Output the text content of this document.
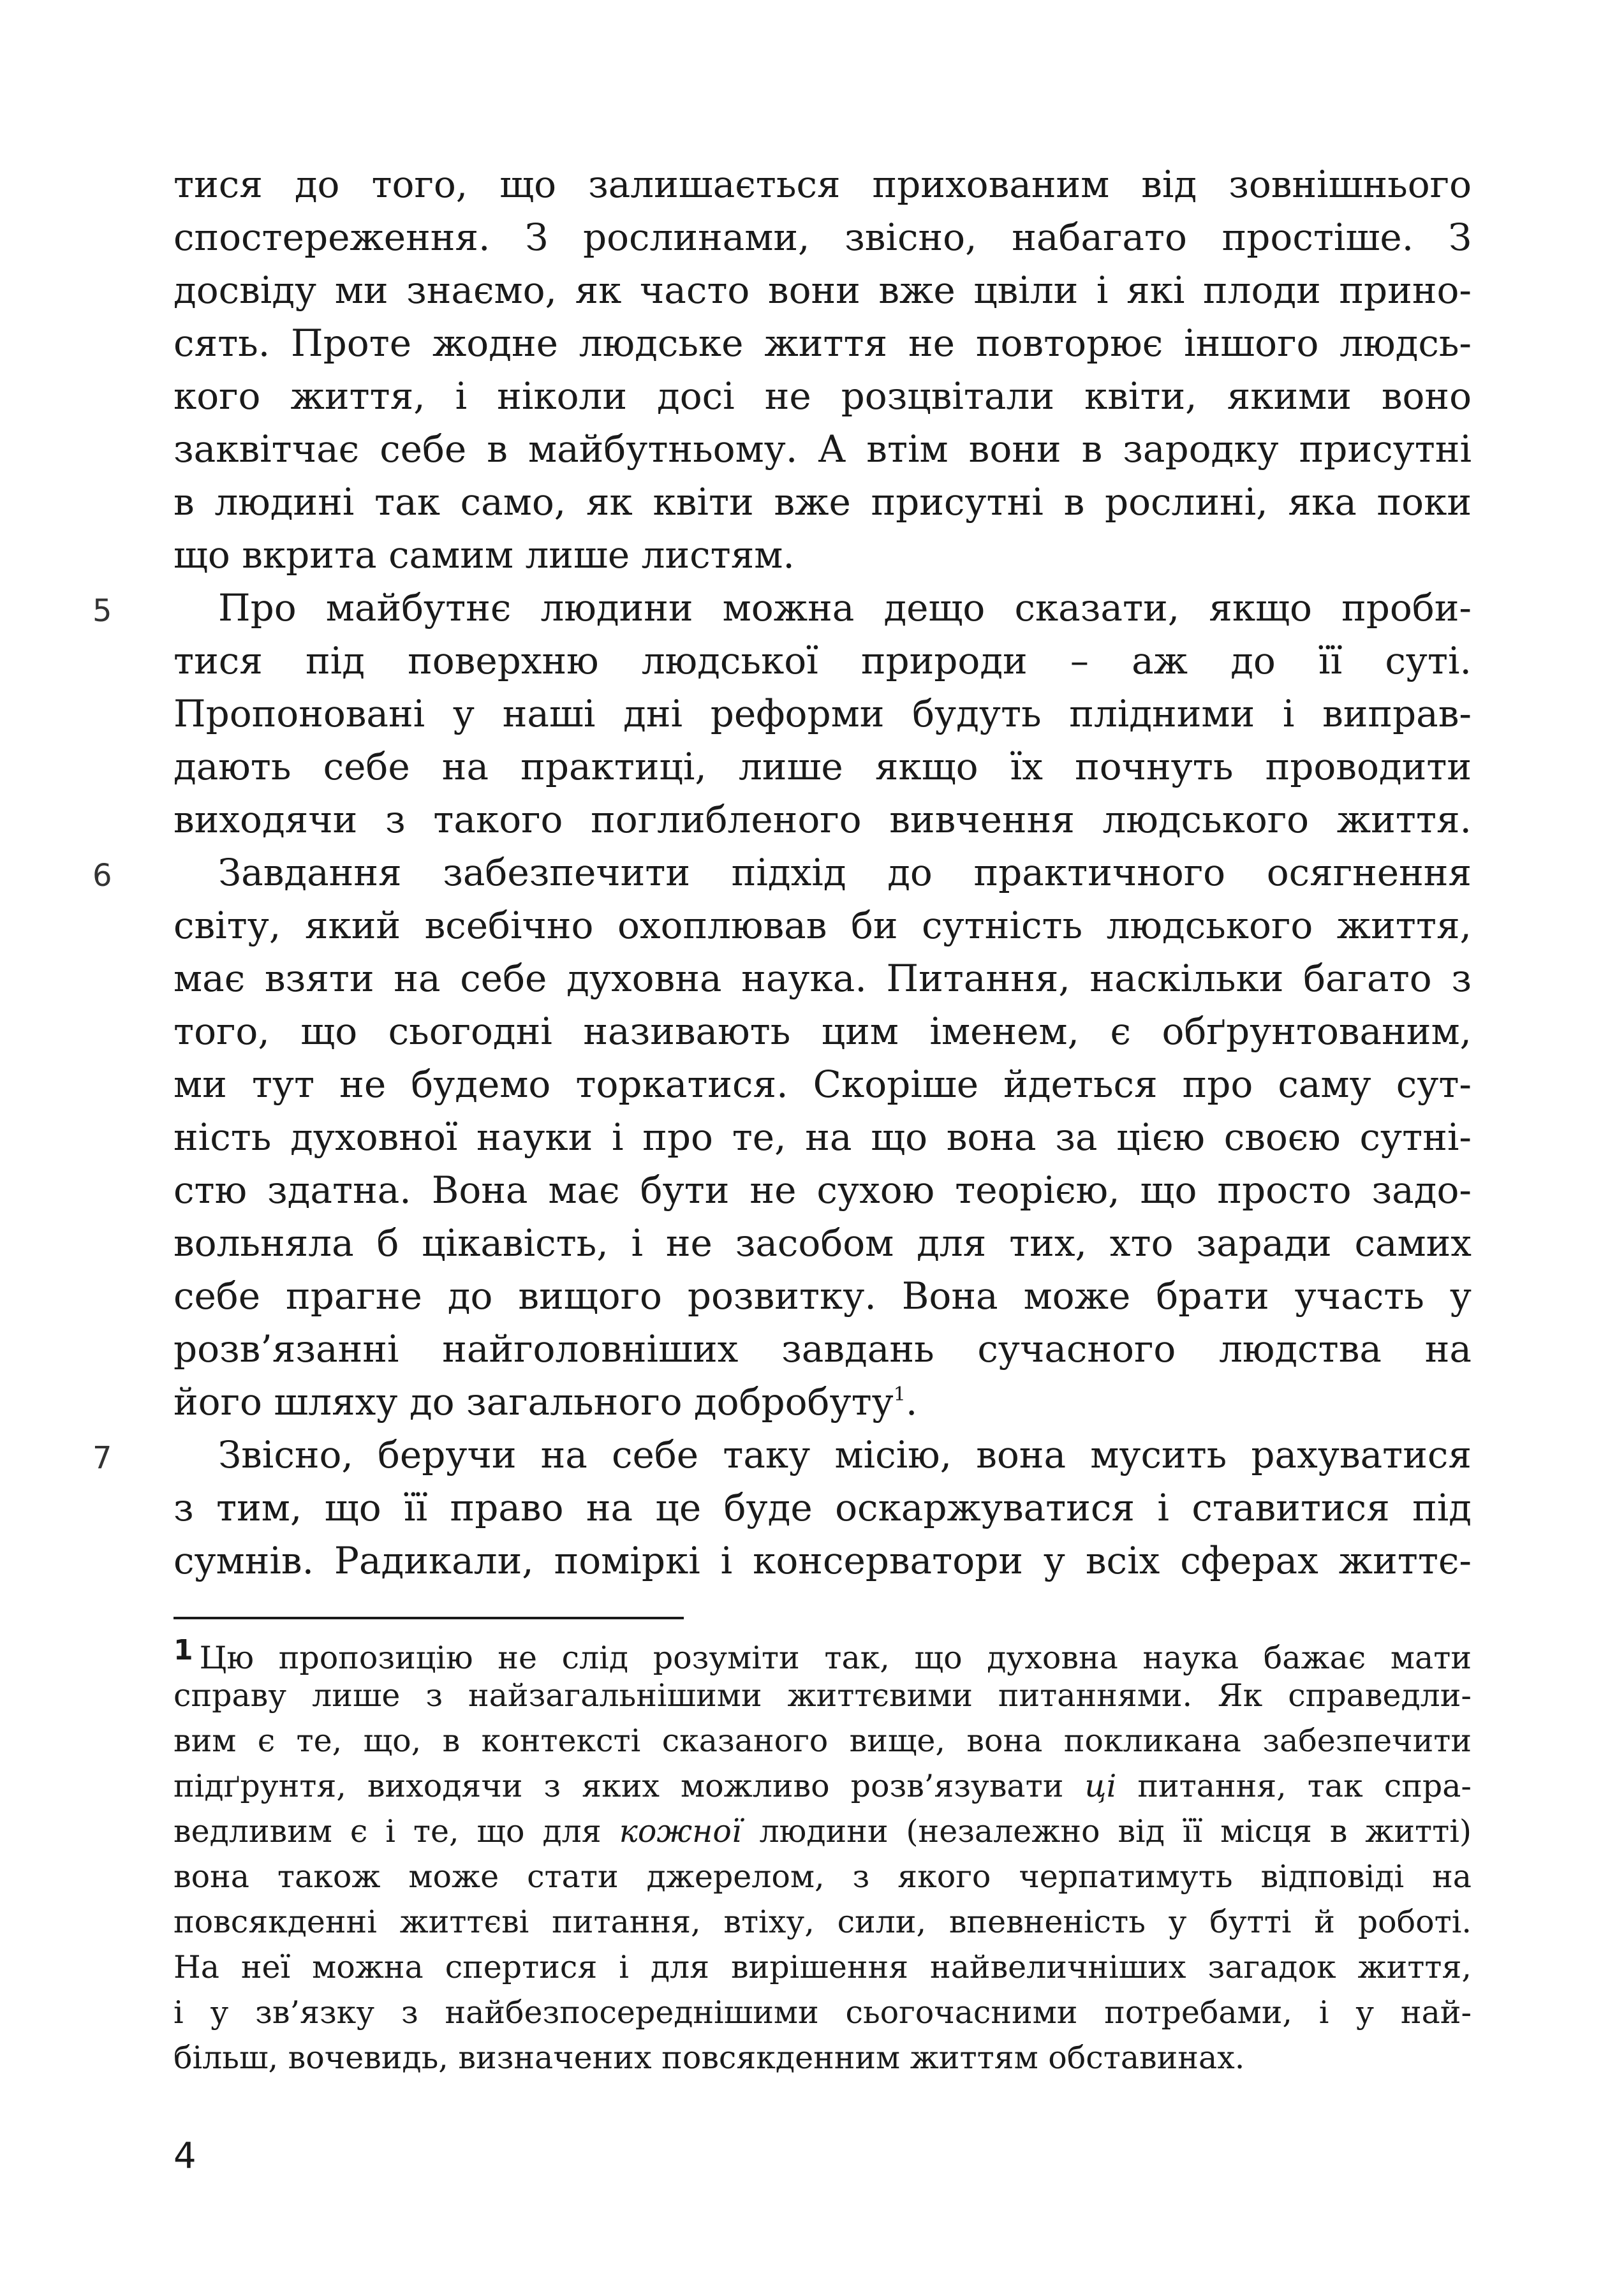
тися до того, що залишається прихованим від зовнішнього
спостереження. З рослинами, звісно, набагато простіше. З
досвіду ми знаємо, як часто вони вже цвіли і які плоди прино-
сять. Проте жодне людське життя не повторює іншого людсь-
кого життя, і ніколи досі не розцвітали квіти, якими воно
заквітчає себе в майбутньому. А втім вони в зародку присутні
в людині так само, як квіти вже присутні в рослині, яка поки
що вкрита самим лише листям.
Про майбутнє людини можна дещо сказати, якщо проби-
тися під поверхню людської природи – аж до її суті.
Пропоновані у наші дні реформи будуть плідними і виправ-
дають себе на практиці, лише якщо їх почнуть проводити
виходячи з такого поглибленого вивчення людського життя.
Завдання забезпечити підхід до практичного осягнення
світу, який всебічно охоплював би сутність людського життя,
має взяти на себе духовна наука. Питання, наскільки багато з
того, що сьогодні називають цим іменем, є обґрунтованим,
ми тут не будемо торкатися. Скоріше йдеться про саму сут-
ність духовної науки і про те, на що вона за цією своєю сутні-
стю здатна. Вона має бути не сухою теорією, що просто задо-
вольняла б цікавість, і не засобом для тих, хто заради самих
себе прагне до вищого розвитку. Вона може брати участь у
розв’язанні найголовніших завдань сучасного людства на
його шляху до загального добробуту$^1$.
Звісно, беручи на себе таку місію, вона мусить рахуватися
з тим, що її право на це буде оскаржуватися і ставитися під
сумнів. Радикали, поміркі і консерватори у всіх сферах життє-
5
6
7
1 Цю пропозицію не слід розуміти так, що духовна наука бажає мати
справу лише з найзагальнішими життєвими питаннями. Як справедли-
вим є те, що, в контексті сказаного вище, вона покликана забезпечити
підґрунтя, виходячи з яких можливо розв’язувати ці питання, так спра-
ведливим є і те, що для кожної людини (незалежно від її місця в житті)
вона також може стати джерелом, з якого черпатимуть відповіді на
повсякденні життєві питання, втіху, сили, впевненість у бутті й роботі.
На неї можна спертися і для вирішення найвеличніших загадок життя,
і у зв’язку з найбезпосереднішими сьогочасними потребами, і у най-
більш, вочевидь, визначених повсякденним життям обставинах.
4
